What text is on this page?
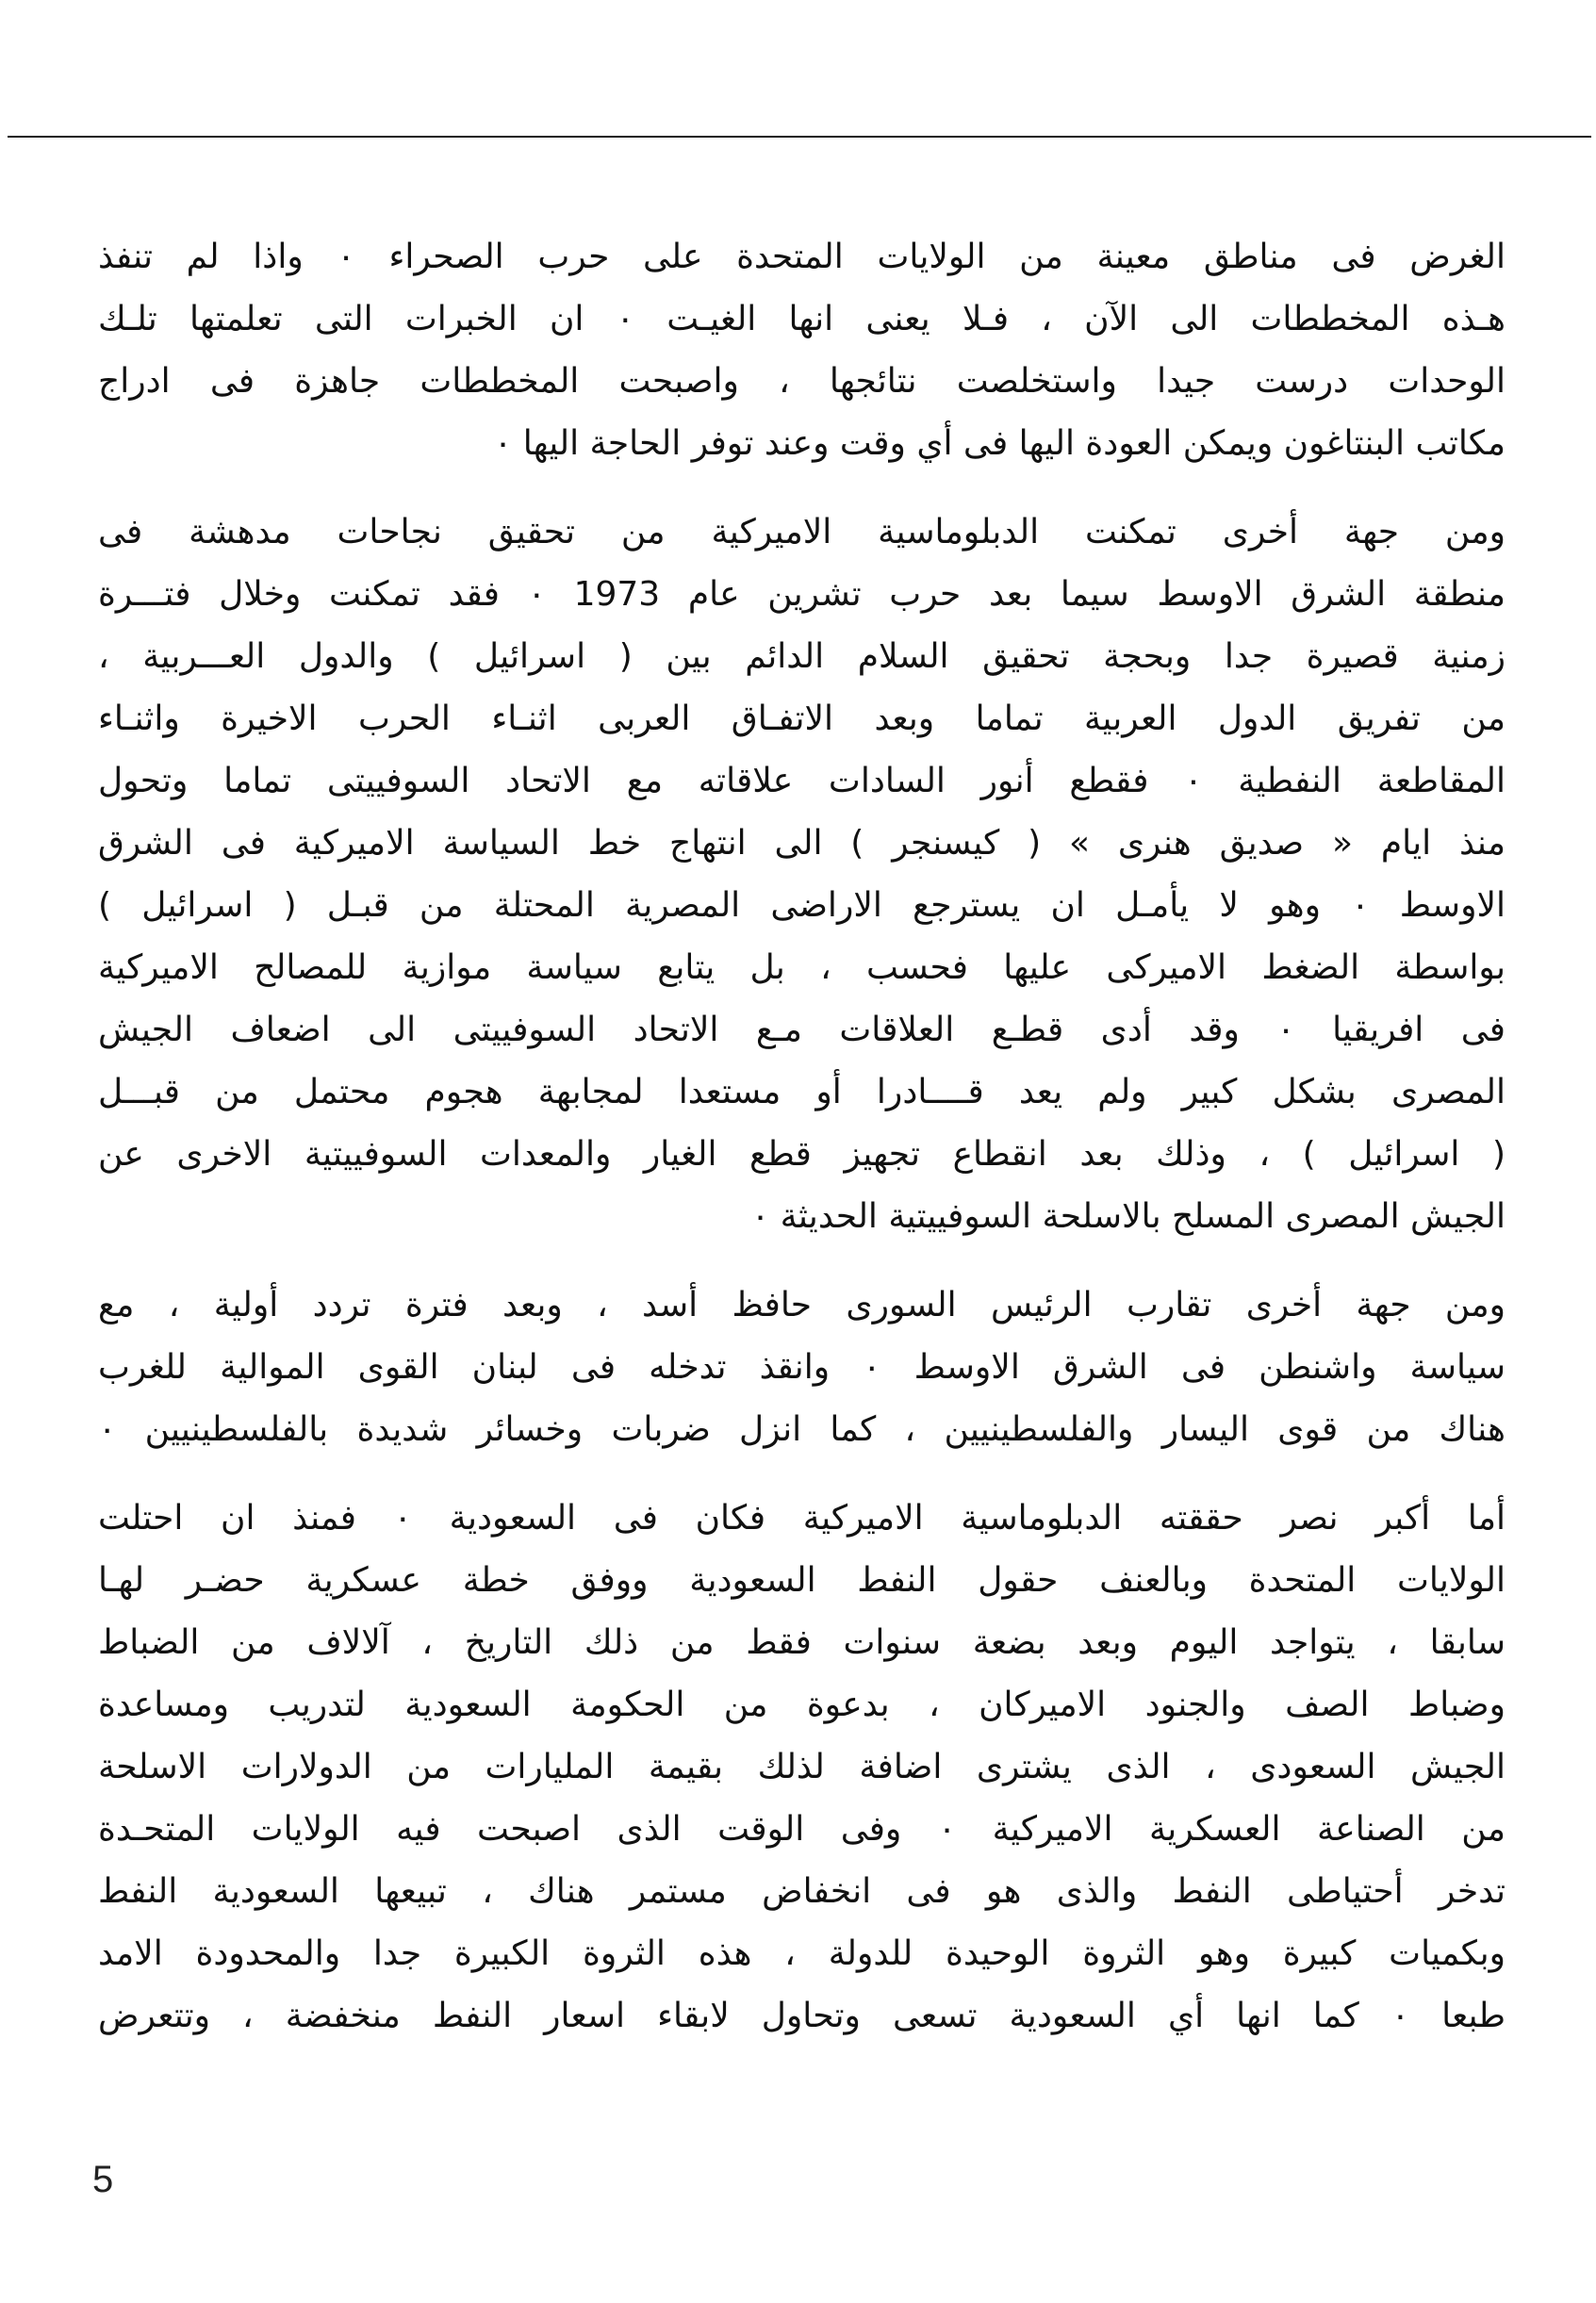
الغرض فى مناطق معينة من الولايات المتحدة على حرب الصحراء ٠ واذا لم تنفذ
هـذه المخططات الى الآن ، فـلا يعنى انها الغيـت ٠ ان الخبرات التى تعلمتها تلـك
الوحدات درست جيدا واستخلصت نتائجها ، واصبحت المخططات جاهزة فى ادراج
مكاتب البنتاغون ويمكن العودة اليها فى أي وقت وعند توفر الحاجة اليها ٠
ومن جهة أخرى تمكنت الدبلوماسية الاميركية من تحقيق نجاحات مدهشة فى
منطقة الشرق الاوسط سيما بعد حرب تشرين عام 1973 ٠ فقد تمكنت وخلال فتـــرة
زمنية قصيرة جدا وبحجة تحقيق السلام الدائم بين ( اسرائيل ) والدول العـــربية ،
من تفريق الدول العربية تماما وبعد الاتفـاق العربى اثنـاء الحرب الاخيرة واثنـاء
المقاطعة النفطية ٠ فقطع أنور السادات علاقاته مع الاتحاد السوفييتى تماما وتحول
منذ ايام « صديق هنرى » ( كيسنجر ) الى انتهاج خط السياسة الاميركية فى الشرق
الاوسط ٠ وهو لا يأمـل ان يسترجع الاراضى المصرية المحتلة من قبـل ( اسرائيل )
بواسطة الضغط الاميركى عليها فحسب ، بل يتابع سياسة موازية للمصالح الاميركية
فى افريقيا ٠ وقد أدى قطـع العلاقات مـع الاتحاد السوفييتى الى اضعاف الجيش
المصرى بشكل كبير ولم يعد قــــادرا أو مستعدا لمجابهة هجوم محتمل من قبـــل
( اسرائيل ) ، وذلك بعد انقطاع تجهيز قطع الغيار والمعدات السوفييتية الاخرى عن
الجيش المصرى المسلح بالاسلحة السوفييتية الحديثة ٠
ومن جهة أخرى تقارب الرئيس السورى حافظ أسد ، وبعد فترة تردد أولية ، مع
سياسة واشنطن فى الشرق الاوسط ٠ وانقذ تدخله فى لبنان القوى الموالية للغرب
هناك من قوى اليسار والفلسطينيين ، كما انزل ضربات وخسائر شديدة بالفلسطينيين ٠
أما أكبر نصر حققته الدبلوماسية الاميركية فكان فى السعودية ٠ فمنذ ان احتلت
الولايات المتحدة وبالعنف حقول النفط السعودية ووفق خطة عسكرية حضـر لهـا
سابقا ، يتواجد اليوم وبعد بضعة سنوات فقط من ذلك التاريخ ، آلالاف من الضباط
وضباط الصف والجنود الاميركان ، بدعوة من الحكومة السعودية لتدريب ومساعدة
الجيش السعودى ، الذى يشترى اضافة لذلك بقيمة المليارات من الدولارات الاسلحة
من الصناعة العسكرية الاميركية ٠ وفى الوقت الذى اصبحت فيه الولايات المتحـدة
تدخر أحتياطى النفط والذى هو فى انخفاض مستمر هناك ، تبيعها السعودية النفط
وبكميات كبيرة وهو الثروة الوحيدة للدولة ، هذه الثروة الكبيرة جدا والمحدودة الامد
طبعا ٠ كما انها أي السعودية تسعى وتحاول لابقاء اسعار النفط منخفضة ، وتتعرض
5
